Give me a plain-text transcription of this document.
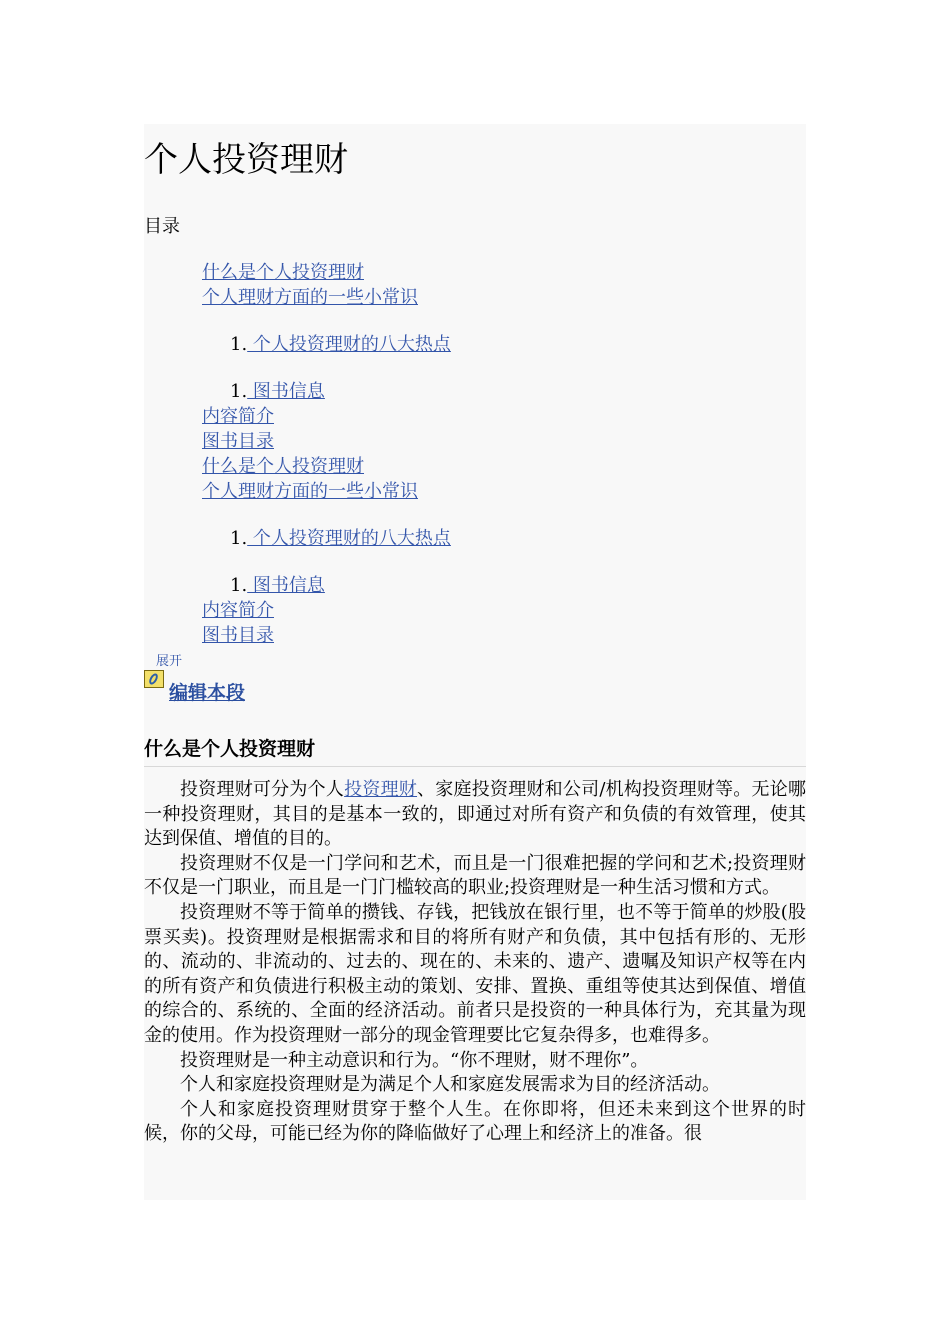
个人投资理财
目录
什么是个人投资理财
个人理财方面的一些小常识
1. 个人投资理财的八大热点
1. 图书信息
内容简介
图书目录
什么是个人投资理财
个人理财方面的一些小常识
1. 个人投资理财的八大热点
1. 图书信息
内容简介
图书目录
展开
编辑本段
什么是个人投资理财

投资理财可分为个人投资理财、家庭投资理财和公司/机构投资理财等。无论哪一种投资理财，其目的是基本一致的，即通过对所有资产和负债的有效管理，使其达到保值、增值的目的。

投资理财不仅是一门学问和艺术，而且是一门很难把握的学问和艺术;投资理财不仅是一门职业，而且是一门门槛较高的职业;投资理财是一种生活习惯和方式。

投资理财不等于简单的攒钱、存钱，把钱放在银行里，也不等于简单的炒股(股票买卖)。投资理财是根据需求和目的将所有财产和负债，其中包括有形的、无形的、流动的、非流动的、过去的、现在的、未来的、遗产、遗嘱及知识产权等在内的所有资产和负债进行积极主动的策划、安排、置换、重组等使其达到保值、增值的综合的、系统的、全面的经济活动。前者只是投资的一种具体行为，充其量为现金的使用。作为投资理财一部分的现金管理要比它复杂得多，也难得多。

投资理财是一种主动意识和行为。“你不理财，财不理你”。

个人和家庭投资理财是为满足个人和家庭发展需求为目的经济活动。

个人和家庭投资理财贯穿于整个人生。在你即将，但还未来到这个世界的时候，你的父母，可能已经为你的降临做好了心理上和经济上的准备。很
